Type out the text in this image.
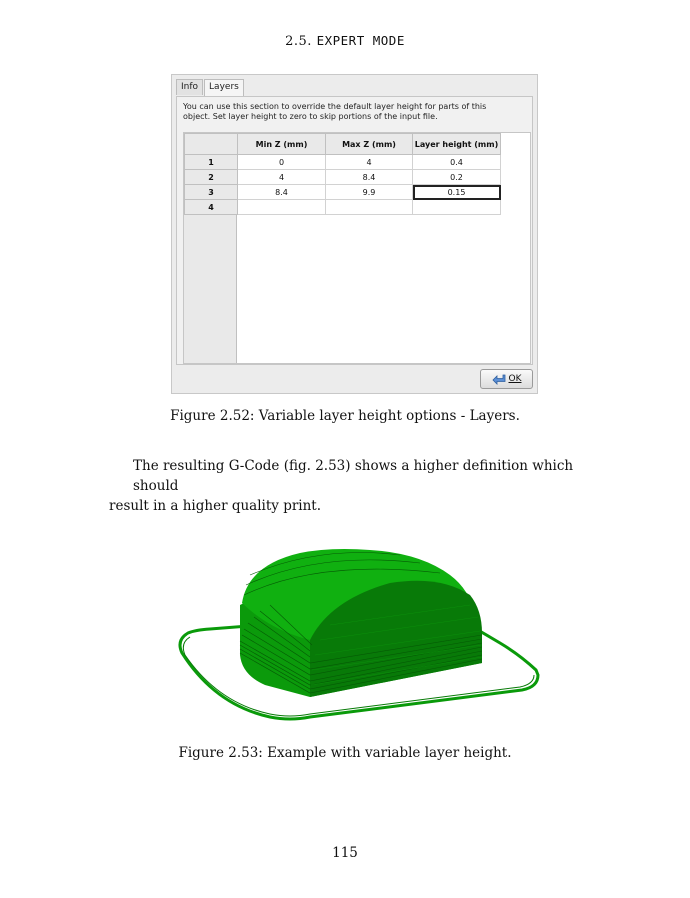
2.5. EXPERT MODE
Info	Layers
You can use this section to override the default layer height for parts of this object. Set layer height to zero to skip portions of the input file.
	Min Z (mm)	Max Z (mm)	Layer height (mm)
1	0	4	0.4
2	4	8.4	0.2
3	8.4	9.9	0.15
4			
OK
Figure 2.52: Variable layer height options - Layers.
The resulting G-Code (fig. 2.53) shows a higher definition which should
result in a higher quality print.
Figure 2.53: Example with variable layer height.
115
